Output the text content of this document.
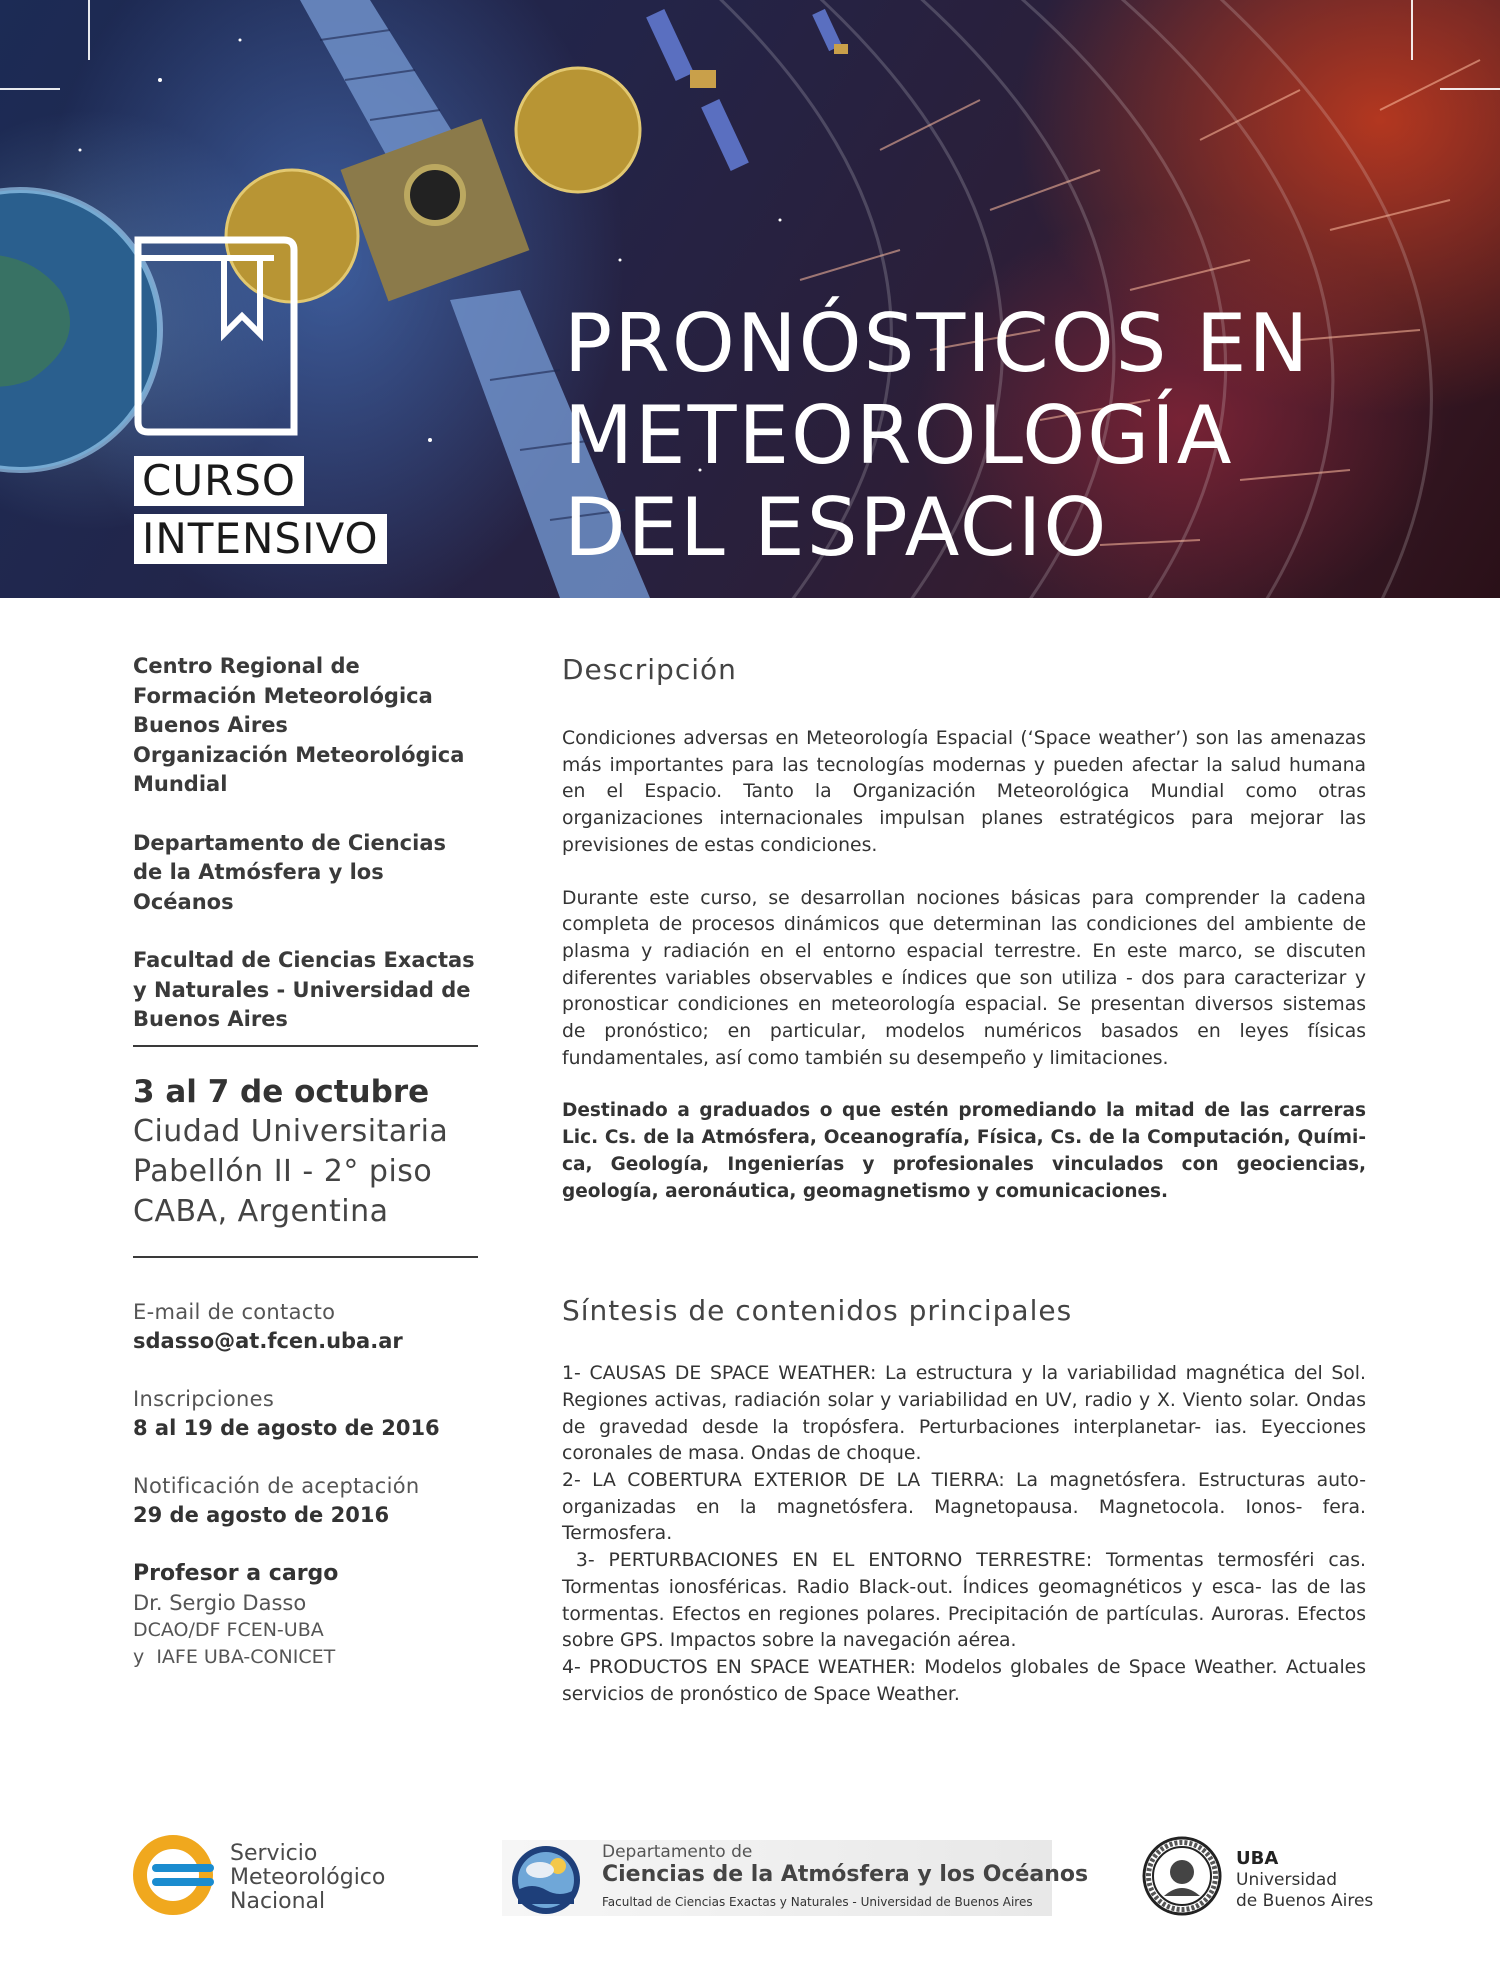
CURSO
INTENSIVO
PRONÓSTICOS EN
METEOROLOGÍA
DEL ESPACIO
Centro Regional de
Formación Meteorológica
Buenos Aires
Organización Meteorológica
Mundial
Departamento de Ciencias
de la Atmósfera y los
Océanos
Facultad de Ciencias Exactas
y Naturales - Universidad de
Buenos Aires
3 al 7 de octubre
Ciudad Universitaria
Pabellón II - 2° piso
CABA, Argentina
E-mail de contacto
sdasso@at.fcen.uba.ar
Inscripciones
8 al 19 de agosto de 2016
Notificación de aceptación
29 de agosto de 2016
Profesor a cargo
Dr. Sergio Dasso
DCAO/DF FCEN-UBA
y  IAFE UBA-CONICET
Descripción

Condiciones adversas en Meteorología Espacial (‘Space weather’) son las amenazas más importantes para las tecnologías modernas y pueden afectar la salud humana en el Espacio. Tanto la Organización Meteorológica Mundial como otras organizaciones internacionales impulsan planes estratégicos para mejorar las previsiones de estas condiciones.

Durante este curso, se desarrollan nociones básicas para comprender la cadena completa de procesos dinámicos que determinan las condiciones del ambiente de plasma y radiación en el entorno espacial terrestre. En este marco, se discuten diferentes variables observables e índices que son utiliza - dos para caracterizar y pronosticar condiciones en meteorología espacial. Se presentan diversos sistemas de pronóstico; en particular, modelos numéricos basados en leyes físicas fundamentales, así como también su desempeño y limitaciones.

Destinado a graduados o que estén promediando la mitad de las carreras Lic. Cs. de la Atmósfera, Oceanografía, Física, Cs. de la Computación, Quími- ca, Geología, Ingenierías y profesionales vinculados con geociencias, geología, aeronáutica, geomagnetismo y comunicaciones.

Síntesis de contenidos principales
1- CAUSAS DE SPACE WEATHER: La estructura y la variabilidad magnética del Sol. Regiones activas, radiación solar y variabilidad en UV, radio y X. Viento solar. Ondas de gravedad desde la tropósfera. Perturbaciones interplanetar- ias. Eyecciones coronales de masa. Ondas de choque.
2- LA COBERTURA EXTERIOR DE LA TIERRA: La magnetósfera. Estructuras auto-organizadas en la magnetósfera. Magnetopausa. Magnetocola. Ionos- fera. Termosfera.
3- PERTURBACIONES EN EL ENTORNO TERRESTRE: Tormentas termosféri cas. Tormentas ionosféricas. Radio Black-out. Índices geomagnéticos y esca- las de las tormentas. Efectos en regiones polares. Precipitación de partículas. Auroras. Efectos sobre GPS. Impactos sobre la navegación aérea.
4- PRODUCTOS EN SPACE WEATHER: Modelos globales de Space Weather. Actuales servicios de pronóstico de Space Weather.
Servicio
Meteorológico
Nacional
Departamento de
Ciencias de la Atmósfera y los Océanos
Facultad de Ciencias Exactas y Naturales - Universidad de Buenos Aires
UBA
Universidad
de Buenos Aires
